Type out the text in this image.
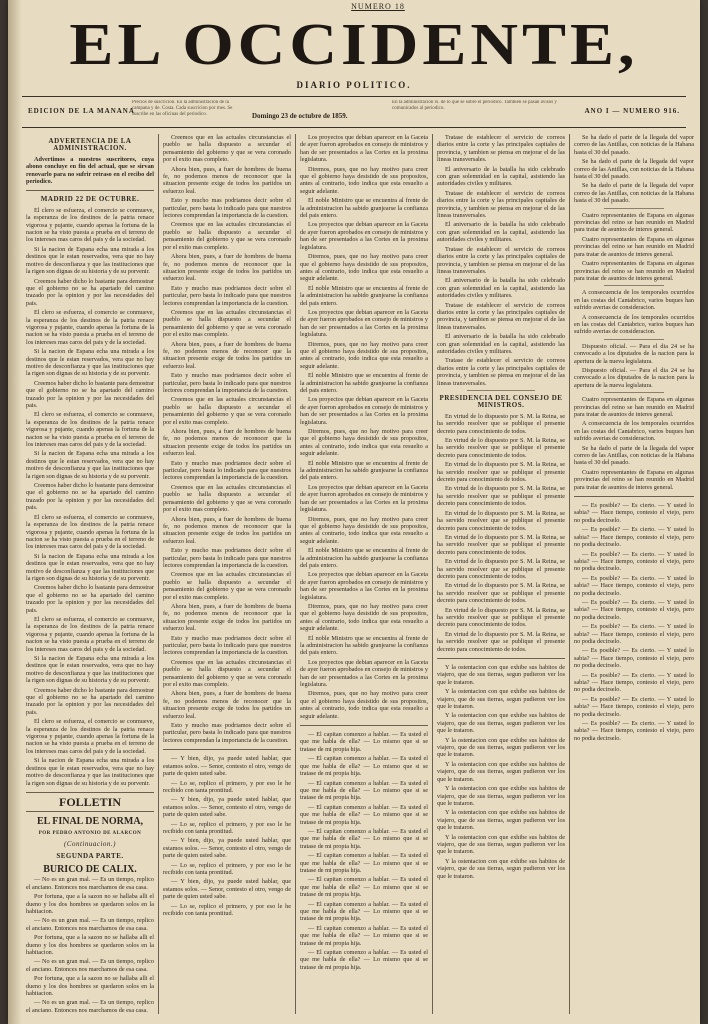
NUMERO 18
EL OCCIDENTE,
DIARIO POLITICO.
EDICION DE LA MANANA
Precios de suscricion. En la administracion de la campana y de. Costa. Cada suscricion por mes. Se suscribe en las oficinas del periodico.	Domingo 23 de octubre de 1859.
En la administracion rs. de lo que se sobre el periodico. Tambien se pasan avisos y comunicados al periodico.	ANO I — NUMERO 916.

ADVERTENCIA DE LA ADMINISTRACION.

Advertimos a nuestros suscritores, cuya abono concluye en fin del actual, que se sirvan renovarlo para no sufrir retraso en el recibo del periodico.

MADRID 22 DE OCTUBRE.

El clero se esfuerza, el comercio se conmueve, la esperanza de los destinos de la patria renace vigorosa y pujante, cuando apenas la fortuna de la nacion se ha visto puesta a prueba en el terreno de los intereses mas caros del pais y de la sociedad.

Si la nacion de Espana echa una mirada a los destinos que le estan reservados, vera que no hay motivo de desconfianza y que las instituciones que la rigen son dignas de su historia y de su porvenir.

Creemos haber dicho lo bastante para demostrar que el gobierno no se ha apartado del camino trazado por la opinion y por las necesidades del pais.

El clero se esfuerza, el comercio se conmueve, la esperanza de los destinos de la patria renace vigorosa y pujante, cuando apenas la fortuna de la nacion se ha visto puesta a prueba en el terreno de los intereses mas caros del pais y de la sociedad.

Si la nacion de Espana echa una mirada a los destinos que le estan reservados, vera que no hay motivo de desconfianza y que las instituciones que la rigen son dignas de su historia y de su porvenir.

Creemos haber dicho lo bastante para demostrar que el gobierno no se ha apartado del camino trazado por la opinion y por las necesidades del pais.

El clero se esfuerza, el comercio se conmueve, la esperanza de los destinos de la patria renace vigorosa y pujante, cuando apenas la fortuna de la nacion se ha visto puesta a prueba en el terreno de los intereses mas caros del pais y de la sociedad.

Si la nacion de Espana echa una mirada a los destinos que le estan reservados, vera que no hay motivo de desconfianza y que las instituciones que la rigen son dignas de su historia y de su porvenir.

Creemos haber dicho lo bastante para demostrar que el gobierno no se ha apartado del camino trazado por la opinion y por las necesidades del pais.

El clero se esfuerza, el comercio se conmueve, la esperanza de los destinos de la patria renace vigorosa y pujante, cuando apenas la fortuna de la nacion se ha visto puesta a prueba en el terreno de los intereses mas caros del pais y de la sociedad.

Si la nacion de Espana echa una mirada a los destinos que le estan reservados, vera que no hay motivo de desconfianza y que las instituciones que la rigen son dignas de su historia y de su porvenir.

Creemos haber dicho lo bastante para demostrar que el gobierno no se ha apartado del camino trazado por la opinion y por las necesidades del pais.

El clero se esfuerza, el comercio se conmueve, la esperanza de los destinos de la patria renace vigorosa y pujante, cuando apenas la fortuna de la nacion se ha visto puesta a prueba en el terreno de los intereses mas caros del pais y de la sociedad.

Si la nacion de Espana echa una mirada a los destinos que le estan reservados, vera que no hay motivo de desconfianza y que las instituciones que la rigen son dignas de su historia y de su porvenir.

Creemos haber dicho lo bastante para demostrar que el gobierno no se ha apartado del camino trazado por la opinion y por las necesidades del pais.

El clero se esfuerza, el comercio se conmueve, la esperanza de los destinos de la patria renace vigorosa y pujante, cuando apenas la fortuna de la nacion se ha visto puesta a prueba en el terreno de los intereses mas caros del pais y de la sociedad.

Si la nacion de Espana echa una mirada a los destinos que le estan reservados, vera que no hay motivo de desconfianza y que las instituciones que la rigen son dignas de su historia y de su porvenir.

FOLLETIN

EL FINAL DE NORMA,

POR PEDRO ANTONIO DE ALARCON

(Continuacion.)

SEGUNDA PARTE.

BURICO DE CALIX.

— No es un gran mal. — Es un tiempo, replico el anciano. Entonces nos marchamos de esa casa.

Por fortuna, que a la sazon no se hallaba alli el dueno y los dos hombres se quedaron solos en la habitacion.

— No es un gran mal. — Es un tiempo, replico el anciano. Entonces nos marchamos de esa casa.

Por fortuna, que a la sazon no se hallaba alli el dueno y los dos hombres se quedaron solos en la habitacion.

— No es un gran mal. — Es un tiempo, replico el anciano. Entonces nos marchamos de esa casa.

Por fortuna, que a la sazon no se hallaba alli el dueno y los dos hombres se quedaron solos en la habitacion.

— No es un gran mal. — Es un tiempo, replico el anciano. Entonces nos marchamos de esa casa.

Creemos que en las actuales circunstancias el pueblo se halla dispuesto a secundar el pensamiento del gobierno y que se vera coronado por el exito mas completo.

Ahora bien, pues, a fuer de hombres de buena fe, no podemos menos de reconocer que la situacion presente exige de todos los partidos un esfuerzo leal.

Esto y mucho mas podriamos decir sobre el particular, pero basta lo indicado para que nuestros lectores comprendan la importancia de la cuestion.

Creemos que en las actuales circunstancias el pueblo se halla dispuesto a secundar el pensamiento del gobierno y que se vera coronado por el exito mas completo.

Ahora bien, pues, a fuer de hombres de buena fe, no podemos menos de reconocer que la situacion presente exige de todos los partidos un esfuerzo leal.

Esto y mucho mas podriamos decir sobre el particular, pero basta lo indicado para que nuestros lectores comprendan la importancia de la cuestion.

Creemos que en las actuales circunstancias el pueblo se halla dispuesto a secundar el pensamiento del gobierno y que se vera coronado por el exito mas completo.

Ahora bien, pues, a fuer de hombres de buena fe, no podemos menos de reconocer que la situacion presente exige de todos los partidos un esfuerzo leal.

Esto y mucho mas podriamos decir sobre el particular, pero basta lo indicado para que nuestros lectores comprendan la importancia de la cuestion.

Creemos que en las actuales circunstancias el pueblo se halla dispuesto a secundar el pensamiento del gobierno y que se vera coronado por el exito mas completo.

Ahora bien, pues, a fuer de hombres de buena fe, no podemos menos de reconocer que la situacion presente exige de todos los partidos un esfuerzo leal.

Esto y mucho mas podriamos decir sobre el particular, pero basta lo indicado para que nuestros lectores comprendan la importancia de la cuestion.

Creemos que en las actuales circunstancias el pueblo se halla dispuesto a secundar el pensamiento del gobierno y que se vera coronado por el exito mas completo.

Ahora bien, pues, a fuer de hombres de buena fe, no podemos menos de reconocer que la situacion presente exige de todos los partidos un esfuerzo leal.

Esto y mucho mas podriamos decir sobre el particular, pero basta lo indicado para que nuestros lectores comprendan la importancia de la cuestion.

Creemos que en las actuales circunstancias el pueblo se halla dispuesto a secundar el pensamiento del gobierno y que se vera coronado por el exito mas completo.

Ahora bien, pues, a fuer de hombres de buena fe, no podemos menos de reconocer que la situacion presente exige de todos los partidos un esfuerzo leal.

Esto y mucho mas podriamos decir sobre el particular, pero basta lo indicado para que nuestros lectores comprendan la importancia de la cuestion.

Creemos que en las actuales circunstancias el pueblo se halla dispuesto a secundar el pensamiento del gobierno y que se vera coronado por el exito mas completo.

Ahora bien, pues, a fuer de hombres de buena fe, no podemos menos de reconocer que la situacion presente exige de todos los partidos un esfuerzo leal.

Esto y mucho mas podriamos decir sobre el particular, pero basta lo indicado para que nuestros lectores comprendan la importancia de la cuestion.

— Y bien, dijo, ya puede usted hablar, que estamos solos. — Senor, contesto el otro, vengo de parte de quien usted sabe.

— Lo se, replico el primero, y por eso le he recibido con tanta prontitud.

— Y bien, dijo, ya puede usted hablar, que estamos solos. — Senor, contesto el otro, vengo de parte de quien usted sabe.

— Lo se, replico el primero, y por eso le he recibido con tanta prontitud.

— Y bien, dijo, ya puede usted hablar, que estamos solos. — Senor, contesto el otro, vengo de parte de quien usted sabe.

— Lo se, replico el primero, y por eso le he recibido con tanta prontitud.

— Y bien, dijo, ya puede usted hablar, que estamos solos. — Senor, contesto el otro, vengo de parte de quien usted sabe.

— Lo se, replico el primero, y por eso le he recibido con tanta prontitud.

Los proyectos que debian aparecer en la Gaceta de ayer fueron aprobados en consejo de ministros y han de ser presentados a las Cortes en la proxima legislatura.

Diremos, pues, que no hay motivo para creer que el gobierno haya desistido de sus propositos, antes al contrario, todo indica que esta resuelto a seguir adelante.

El noble Ministro que se encuentra al frente de la administracion ha sabido granjearse la confianza del pais entero.

Los proyectos que debian aparecer en la Gaceta de ayer fueron aprobados en consejo de ministros y han de ser presentados a las Cortes en la proxima legislatura.

Diremos, pues, que no hay motivo para creer que el gobierno haya desistido de sus propositos, antes al contrario, todo indica que esta resuelto a seguir adelante.

El noble Ministro que se encuentra al frente de la administracion ha sabido granjearse la confianza del pais entero.

Los proyectos que debian aparecer en la Gaceta de ayer fueron aprobados en consejo de ministros y han de ser presentados a las Cortes en la proxima legislatura.

Diremos, pues, que no hay motivo para creer que el gobierno haya desistido de sus propositos, antes al contrario, todo indica que esta resuelto a seguir adelante.

El noble Ministro que se encuentra al frente de la administracion ha sabido granjearse la confianza del pais entero.

Los proyectos que debian aparecer en la Gaceta de ayer fueron aprobados en consejo de ministros y han de ser presentados a las Cortes en la proxima legislatura.

Diremos, pues, que no hay motivo para creer que el gobierno haya desistido de sus propositos, antes al contrario, todo indica que esta resuelto a seguir adelante.

El noble Ministro que se encuentra al frente de la administracion ha sabido granjearse la confianza del pais entero.

Los proyectos que debian aparecer en la Gaceta de ayer fueron aprobados en consejo de ministros y han de ser presentados a las Cortes en la proxima legislatura.

Diremos, pues, que no hay motivo para creer que el gobierno haya desistido de sus propositos, antes al contrario, todo indica que esta resuelto a seguir adelante.

El noble Ministro que se encuentra al frente de la administracion ha sabido granjearse la confianza del pais entero.

Los proyectos que debian aparecer en la Gaceta de ayer fueron aprobados en consejo de ministros y han de ser presentados a las Cortes en la proxima legislatura.

Diremos, pues, que no hay motivo para creer que el gobierno haya desistido de sus propositos, antes al contrario, todo indica que esta resuelto a seguir adelante.

El noble Ministro que se encuentra al frente de la administracion ha sabido granjearse la confianza del pais entero.

Los proyectos que debian aparecer en la Gaceta de ayer fueron aprobados en consejo de ministros y han de ser presentados a las Cortes en la proxima legislatura.

Diremos, pues, que no hay motivo para creer que el gobierno haya desistido de sus propositos, antes al contrario, todo indica que esta resuelto a seguir adelante.

— El capitan comenzo a hablar. — Es usted el que me habla de ella? — Lo mismo que si se tratase de mi propia hija.

— El capitan comenzo a hablar. — Es usted el que me habla de ella? — Lo mismo que si se tratase de mi propia hija.

— El capitan comenzo a hablar. — Es usted el que me habla de ella? — Lo mismo que si se tratase de mi propia hija.

— El capitan comenzo a hablar. — Es usted el que me habla de ella? — Lo mismo que si se tratase de mi propia hija.

— El capitan comenzo a hablar. — Es usted el que me habla de ella? — Lo mismo que si se tratase de mi propia hija.

— El capitan comenzo a hablar. — Es usted el que me habla de ella? — Lo mismo que si se tratase de mi propia hija.

— El capitan comenzo a hablar. — Es usted el que me habla de ella? — Lo mismo que si se tratase de mi propia hija.

— El capitan comenzo a hablar. — Es usted el que me habla de ella? — Lo mismo que si se tratase de mi propia hija.

— El capitan comenzo a hablar. — Es usted el que me habla de ella? — Lo mismo que si se tratase de mi propia hija.

— El capitan comenzo a hablar. — Es usted el que me habla de ella? — Lo mismo que si se tratase de mi propia hija.

Tratase de establecer el servicio de correos diarios entre la corte y las principales capitales de provincia, y tambien se piensa en mejorar el de las lineas transversales.

El aniversario de la batalla ha sido celebrado con gran solemnidad en la capital, asistiendo las autoridades civiles y militares.

Tratase de establecer el servicio de correos diarios entre la corte y las principales capitales de provincia, y tambien se piensa en mejorar el de las lineas transversales.

El aniversario de la batalla ha sido celebrado con gran solemnidad en la capital, asistiendo las autoridades civiles y militares.

Tratase de establecer el servicio de correos diarios entre la corte y las principales capitales de provincia, y tambien se piensa en mejorar el de las lineas transversales.

El aniversario de la batalla ha sido celebrado con gran solemnidad en la capital, asistiendo las autoridades civiles y militares.

Tratase de establecer el servicio de correos diarios entre la corte y las principales capitales de provincia, y tambien se piensa en mejorar el de las lineas transversales.

El aniversario de la batalla ha sido celebrado con gran solemnidad en la capital, asistiendo las autoridades civiles y militares.

Tratase de establecer el servicio de correos diarios entre la corte y las principales capitales de provincia, y tambien se piensa en mejorar el de las lineas transversales.

PRESIDENCIA DEL CONSEJO DE MINISTROS.

En virtud de lo dispuesto por S. M. la Reina, se ha servido resolver que se publique el presente decreto para conocimiento de todos.

En virtud de lo dispuesto por S. M. la Reina, se ha servido resolver que se publique el presente decreto para conocimiento de todos.

En virtud de lo dispuesto por S. M. la Reina, se ha servido resolver que se publique el presente decreto para conocimiento de todos.

En virtud de lo dispuesto por S. M. la Reina, se ha servido resolver que se publique el presente decreto para conocimiento de todos.

En virtud de lo dispuesto por S. M. la Reina, se ha servido resolver que se publique el presente decreto para conocimiento de todos.

En virtud de lo dispuesto por S. M. la Reina, se ha servido resolver que se publique el presente decreto para conocimiento de todos.

En virtud de lo dispuesto por S. M. la Reina, se ha servido resolver que se publique el presente decreto para conocimiento de todos.

En virtud de lo dispuesto por S. M. la Reina, se ha servido resolver que se publique el presente decreto para conocimiento de todos.

En virtud de lo dispuesto por S. M. la Reina, se ha servido resolver que se publique el presente decreto para conocimiento de todos.

En virtud de lo dispuesto por S. M. la Reina, se ha servido resolver que se publique el presente decreto para conocimiento de todos.

Y la ostentacion con que exhibe sus habitos de viajero, que de sus tierras, segun pudieron ver los que le trataron.

Y la ostentacion con que exhibe sus habitos de viajero, que de sus tierras, segun pudieron ver los que le trataron.

Y la ostentacion con que exhibe sus habitos de viajero, que de sus tierras, segun pudieron ver los que le trataron.

Y la ostentacion con que exhibe sus habitos de viajero, que de sus tierras, segun pudieron ver los que le trataron.

Y la ostentacion con que exhibe sus habitos de viajero, que de sus tierras, segun pudieron ver los que le trataron.

Y la ostentacion con que exhibe sus habitos de viajero, que de sus tierras, segun pudieron ver los que le trataron.

Y la ostentacion con que exhibe sus habitos de viajero, que de sus tierras, segun pudieron ver los que le trataron.

Y la ostentacion con que exhibe sus habitos de viajero, que de sus tierras, segun pudieron ver los que le trataron.

Y la ostentacion con que exhibe sus habitos de viajero, que de sus tierras, segun pudieron ver los que le trataron.

Se ha dado el parte de la llegada del vapor correo de las Antillas, con noticias de la Habana hasta el 30 del pasado.

Se ha dado el parte de la llegada del vapor correo de las Antillas, con noticias de la Habana hasta el 30 del pasado.

Se ha dado el parte de la llegada del vapor correo de las Antillas, con noticias de la Habana hasta el 30 del pasado.

Cuatro representantes de Espana en algunas provincias del reino se han reunido en Madrid para tratar de asuntos de interes general.

Cuatro representantes de Espana en algunas provincias del reino se han reunido en Madrid para tratar de asuntos de interes general.

Cuatro representantes de Espana en algunas provincias del reino se han reunido en Madrid para tratar de asuntos de interes general.

A consecuencia de los temporales ocurridos en las costas del Cantabrico, varios buques han sufrido averias de consideracion.

A consecuencia de los temporales ocurridos en las costas del Cantabrico, varios buques han sufrido averias de consideracion.

Dispuesto oficial. — Para el dia 24 se ha convocado a los diputados de la nacion para la apertura de la nueva legislatura.

Dispuesto oficial. — Para el dia 24 se ha convocado a los diputados de la nacion para la apertura de la nueva legislatura.

Cuatro representantes de Espana en algunas provincias del reino se han reunido en Madrid para tratar de asuntos de interes general.

A consecuencia de los temporales ocurridos en las costas del Cantabrico, varios buques han sufrido averias de consideracion.

Se ha dado el parte de la llegada del vapor correo de las Antillas, con noticias de la Habana hasta el 30 del pasado.

Cuatro representantes de Espana en algunas provincias del reino se han reunido en Madrid para tratar de asuntos de interes general.

— Es posible? — Es cierto. — Y usted lo sabia? — Hace tiempo, contesto el viejo, pero no podia decirselo.

— Es posible? — Es cierto. — Y usted lo sabia? — Hace tiempo, contesto el viejo, pero no podia decirselo.

— Es posible? — Es cierto. — Y usted lo sabia? — Hace tiempo, contesto el viejo, pero no podia decirselo.

— Es posible? — Es cierto. — Y usted lo sabia? — Hace tiempo, contesto el viejo, pero no podia decirselo.

— Es posible? — Es cierto. — Y usted lo sabia? — Hace tiempo, contesto el viejo, pero no podia decirselo.

— Es posible? — Es cierto. — Y usted lo sabia? — Hace tiempo, contesto el viejo, pero no podia decirselo.

— Es posible? — Es cierto. — Y usted lo sabia? — Hace tiempo, contesto el viejo, pero no podia decirselo.

— Es posible? — Es cierto. — Y usted lo sabia? — Hace tiempo, contesto el viejo, pero no podia decirselo.

— Es posible? — Es cierto. — Y usted lo sabia? — Hace tiempo, contesto el viejo, pero no podia decirselo.

— Es posible? — Es cierto. — Y usted lo sabia? — Hace tiempo, contesto el viejo, pero no podia decirselo.
